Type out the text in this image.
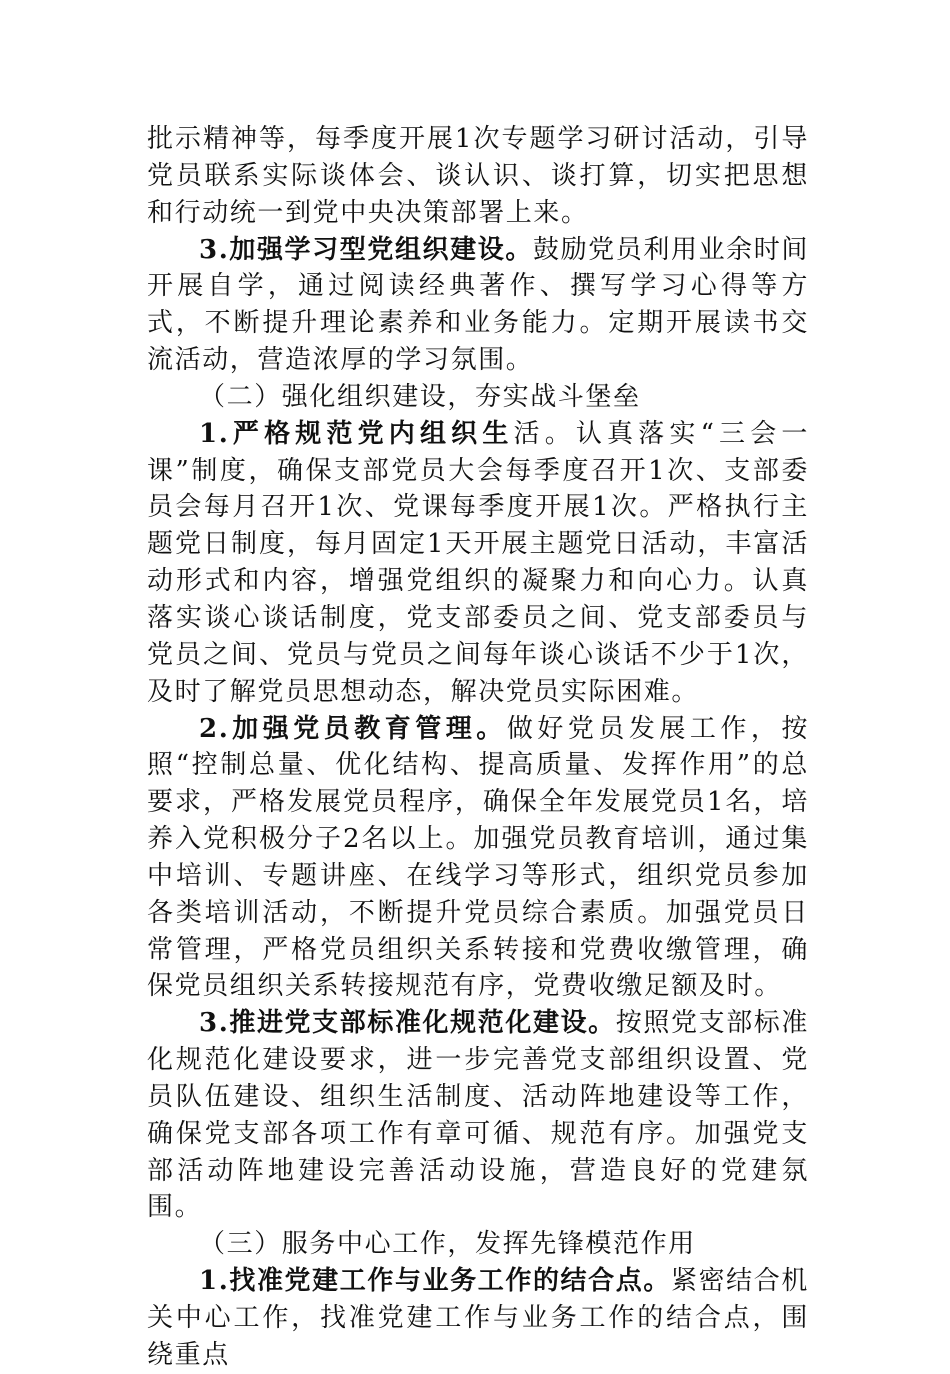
批示精神等，每季度开展1次专题学习研讨活动，引导党员联系实际谈体会、谈认识、谈打算，切实把思想和行动统一到党中央决策部署上来。

3.加强学习型党组织建设。鼓励党员利用业余时间开展自学，通过阅读经典著作、撰写学习心得等方式，不断提升理论素养和业务能力。定期开展读书交流活动，营造浓厚的学习氛围。

（二）强化组织建设，夯实战斗堡垒

1.严格规范党内组织生活。认真落实“三会一课”制度，确保支部党员大会每季度召开1次、支部委员会每月召开1次、党课每季度开展1次。严格执行主题党日制度，每月固定1天开展主题党日活动，丰富活动形式和内容，增强党组织的凝聚力和向心力。认真落实谈心谈话制度，党支部委员之间、党支部委员与党员之间、党员与党员之间每年谈心谈话不少于1次，及时了解党员思想动态，解决党员实际困难。

2.加强党员教育管理。做好党员发展工作，按照“控制总量、优化结构、提高质量、发挥作用”的总要求，严格发展党员程序，确保全年发展党员1名，培养入党积极分子2名以上。加强党员教育培训，通过集中培训、专题讲座、在线学习等形式，组织党员参加各类培训活动，不断提升党员综合素质。加强党员日常管理，严格党员组织关系转接和党费收缴管理，确保党员组织关系转接规范有序，党费收缴足额及时。

3.推进党支部标准化规范化建设。按照党支部标准化规范化建设要求，进一步完善党支部组织设置、党员队伍建设、组织生活制度、活动阵地建设等工作，确保党支部各项工作有章可循、规范有序。加强党支部活动阵地建设完善活动设施，营造良好的党建氛围。

（三）服务中心工作，发挥先锋模范作用

1.找准党建工作与业务工作的结合点。紧密结合机关中心工作，找准党建工作与业务工作的结合点，围绕重点
